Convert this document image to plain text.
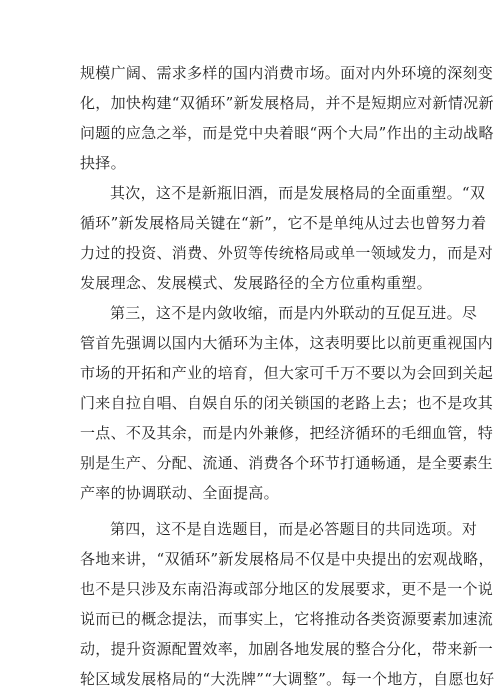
规模广阔、需求多样的国内消费市场。面对内外环境的深刻变
化，加快构建“双循环”新发展格局，并不是短期应对新情况新
问题的应急之举，而是党中央着眼“两个大局”作出的主动战略
抉择。
其次，这不是新瓶旧酒，而是发展格局的全面重塑。“双
循环”新发展格局关键在“新”，它不是单纯从过去也曾努力着
力过的投资、消费、外贸等传统格局或单一领域发力，而是对
发展理念、发展模式、发展路径的全方位重构重塑。
第三，这不是内敛收缩，而是内外联动的互促互进。尽
管首先强调以国内大循环为主体，这表明要比以前更重视国内
市场的开拓和产业的培育，但大家可千万不要以为会回到关起
门来自拉自唱、自娱自乐的闭关锁国的老路上去；也不是攻其
一点、不及其余，而是内外兼修，把经济循环的毛细血管，特
别是生产、分配、流通、消费各个环节打通畅通，是全要素生
产率的协调联动、全面提高。
第四，这不是自选题目，而是必答题目的共同选项。对
各地来讲，“双循环”新发展格局不仅是中央提出的宏观战略，
也不是只涉及东南沿海或部分地区的发展要求，更不是一个说
说而已的概念提法，而事实上，它将推动各类资源要素加速流
动，提升资源配置效率，加剧各地发展的整合分化，带来新一
轮区域发展格局的“大洗牌”“大调整”。每一个地方，自愿也好
